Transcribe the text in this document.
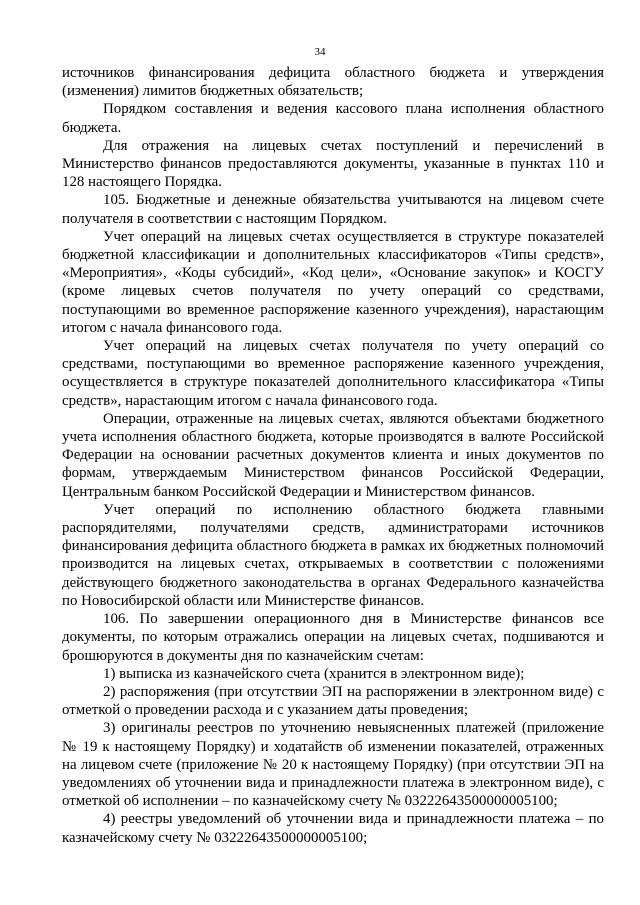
34

источников финансирования дефицита областного бюджета и утверждения (изменения) лимитов бюджетных обязательств;

Порядком составления и ведения кассового плана исполнения областного бюджета.

Для отражения на лицевых счетах поступлений и перечислений в Министерство финансов предоставляются документы, указанные в пунктах 110 и 128 настоящего Порядка.

105. Бюджетные и денежные обязательства учитываются на лицевом счете получателя в соответствии с настоящим Порядком.

Учет операций на лицевых счетах осуществляется в структуре показателей бюджетной классификации и дополнительных классификаторов «Типы средств», «Мероприятия», «Коды субсидий», «Код цели», «Основание закупок» и КОСГУ (кроме лицевых счетов получателя по учету операций со средствами, поступающими во временное распоряжение казенного учреждения), нарастающим итогом с начала финансового года.

Учет операций на лицевых счетах получателя по учету операций со средствами, поступающими во временное распоряжение казенного учреждения, осуществляется в структуре показателей дополнительного классификатора «Типы средств», нарастающим итогом с начала финансового года.

Операции, отраженные на лицевых счетах, являются объектами бюджетного учета исполнения областного бюджета, которые производятся в валюте Российской Федерации на основании расчетных документов клиента и иных документов по формам, утверждаемым Министерством финансов Российской Федерации, Центральным банком Российской Федерации и Министерством финансов.

Учет операций по исполнению областного бюджета главными распорядителями, получателями средств, администраторами источников финансирования дефицита областного бюджета в рамках их бюджетных полномочий производится на лицевых счетах, открываемых в соответствии с положениями действующего бюджетного законодательства в органах Федерального казначейства по Новосибирской области или Министерстве финансов.

106. По завершении операционного дня в Министерстве финансов все документы, по которым отражались операции на лицевых счетах, подшиваются и брошюруются в документы дня по казначейским счетам:

1) выписка из казначейского счета (хранится в электронном виде);

2) распоряжения (при отсутствии ЭП на распоряжении в электронном виде) с отметкой о проведении расхода и с указанием даты проведения;

3) оригиналы реестров по уточнению невыясненных платежей (приложение № 19 к настоящему Порядку) и ходатайств об изменении показателей, отраженных на лицевом счете (приложение № 20 к настоящему Порядку) (при отсутствии ЭП на уведомлениях об уточнении вида и принадлежности платежа в электронном виде), с отметкой об исполнении – по казначейскому счету № 03222643500000005100;

4) реестры уведомлений об уточнении вида и принадлежности платежа – по казначейскому счету № 03222643500000005100;
